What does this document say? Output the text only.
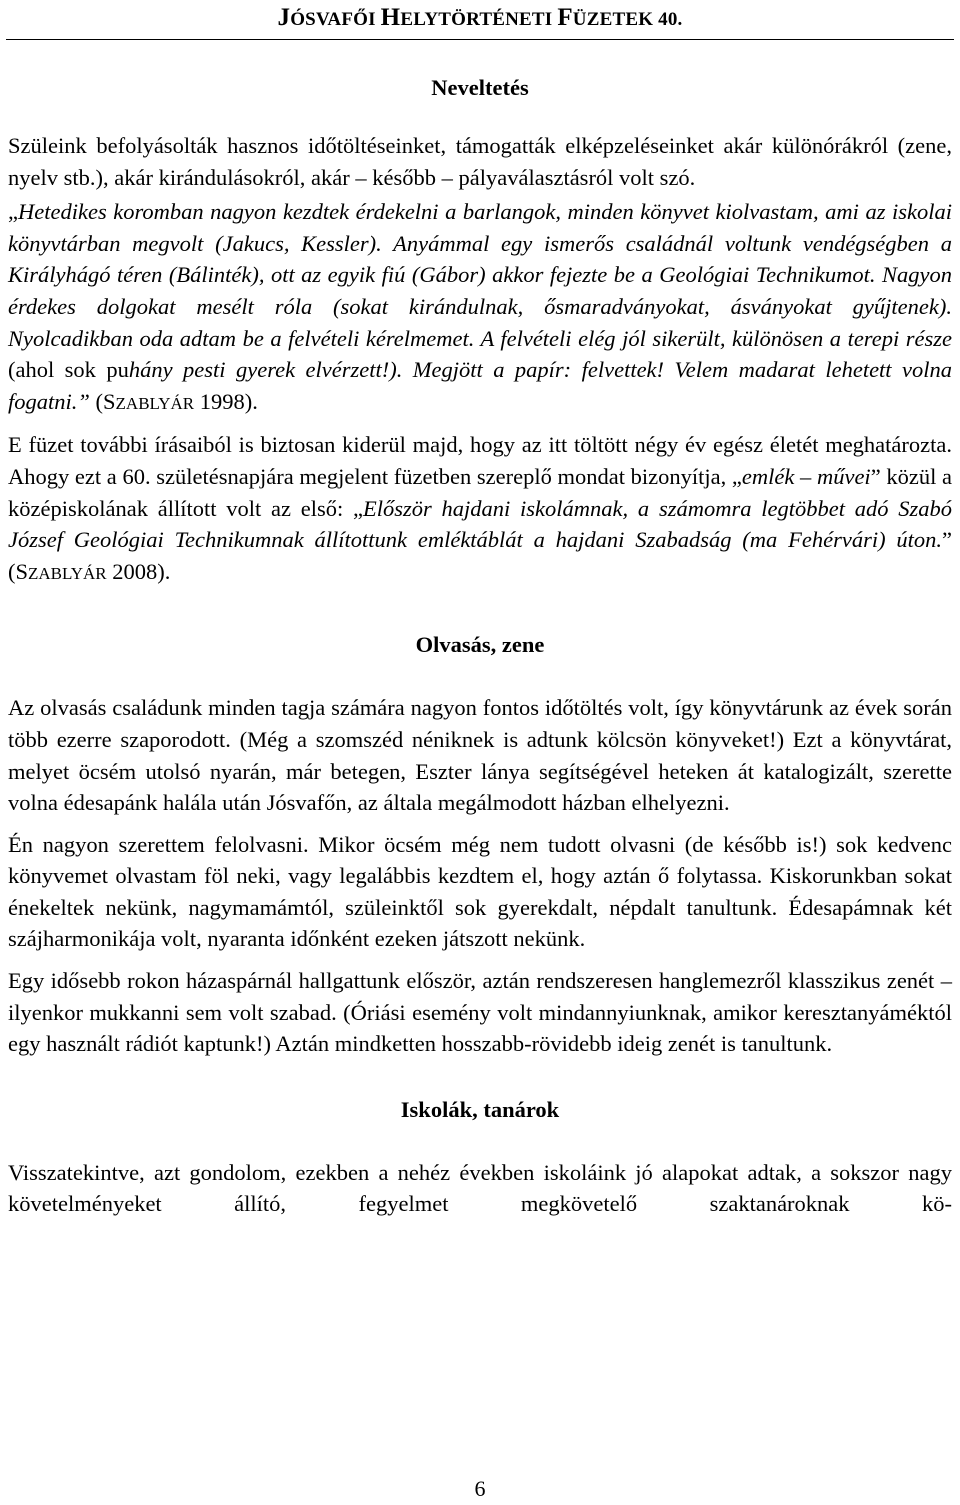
JÓSVAFŐI HELYTÖRTÉNETI FÜZETEK 40.
Neveltetés

Szüleink befolyásolták hasznos időtöltéseinket, támogatták elképzeléseinket akár különórákról (zene, nyelv stb.), akár kirándulásokról, akár – később – pályaválasztásról volt szó.

„Hetedikes koromban nagyon kezdtek érdekelni a barlangok, minden könyvet kiolvastam, ami az iskolai könyvtárban megvolt (Jakucs, Kessler). Anyámmal egy ismerős családnál voltunk vendégségben a Királyhágó téren (Bálinték), ott az egyik fiú (Gábor) akkor fejezte be a Geológiai Technikumot. Nagyon érdekes dolgokat mesélt róla (sokat kirándulnak, ősmaradványokat, ásványokat gyűjtenek). Nyolcadikban oda adtam be a felvételi kérelmemet. A felvételi elég jól sikerült, különösen a terepi része (ahol sok puhány pesti gyerek elvérzett!). Megjött a papír: felvettek! Velem madarat lehetett volna fogatni.” (SZABLYÁR 1998).

E füzet további írásaiból is biztosan kiderül majd, hogy az itt töltött négy év egész életét meghatározta. Ahogy ezt a 60. születésnapjára megjelent füzetben szereplő mondat bizonyítja, „emlék – művei” közül a középiskolának állított volt az első: „Először hajdani iskolámnak, a számomra legtöbbet adó Szabó József Geológiai Technikumnak állítottunk emléktáblát a hajdani Szabadság (ma Fehérvári) úton.” (SZABLYÁR 2008).

Olvasás, zene

Az olvasás családunk minden tagja számára nagyon fontos időtöltés volt, így könyvtárunk az évek során több ezerre szaporodott. (Még a szomszéd néniknek is adtunk kölcsön könyveket!) Ezt a könyvtárat, melyet öcsém utolsó nyarán, már betegen, Eszter lánya segítségével heteken át katalogizált, szerette volna édesapánk halála után Jósvafőn, az általa megálmodott házban elhelyezni.

Én nagyon szerettem felolvasni. Mikor öcsém még nem tudott olvasni (de később is!) sok kedvenc könyvemet olvastam föl neki, vagy legalábbis kezdtem el, hogy aztán ő folytassa. Kiskorunkban sokat énekeltek nekünk, nagymamámtól, szüleinktől sok gyerekdalt, népdalt tanultunk. Édesapámnak két szájharmonikája volt, nyaranta időnként ezeken játszott nekünk.

Egy idősebb rokon házaspárnál hallgattunk először, aztán rendszeresen hanglemezről klasszikus zenét – ilyenkor mukkanni sem volt szabad. (Óriási esemény volt mindannyiunknak, amikor keresztanyáméktól egy használt rádiót kaptunk!) Aztán mindketten hosszabb-rövidebb ideig zenét is tanultunk.

Iskolák, tanárok

Visszatekintve, azt gondolom, ezekben a nehéz években iskoláink jó alapokat adtak, a sokszor nagy követelményeket állító, fegyelmet megkövetelő szaktanároknak kö-

6
